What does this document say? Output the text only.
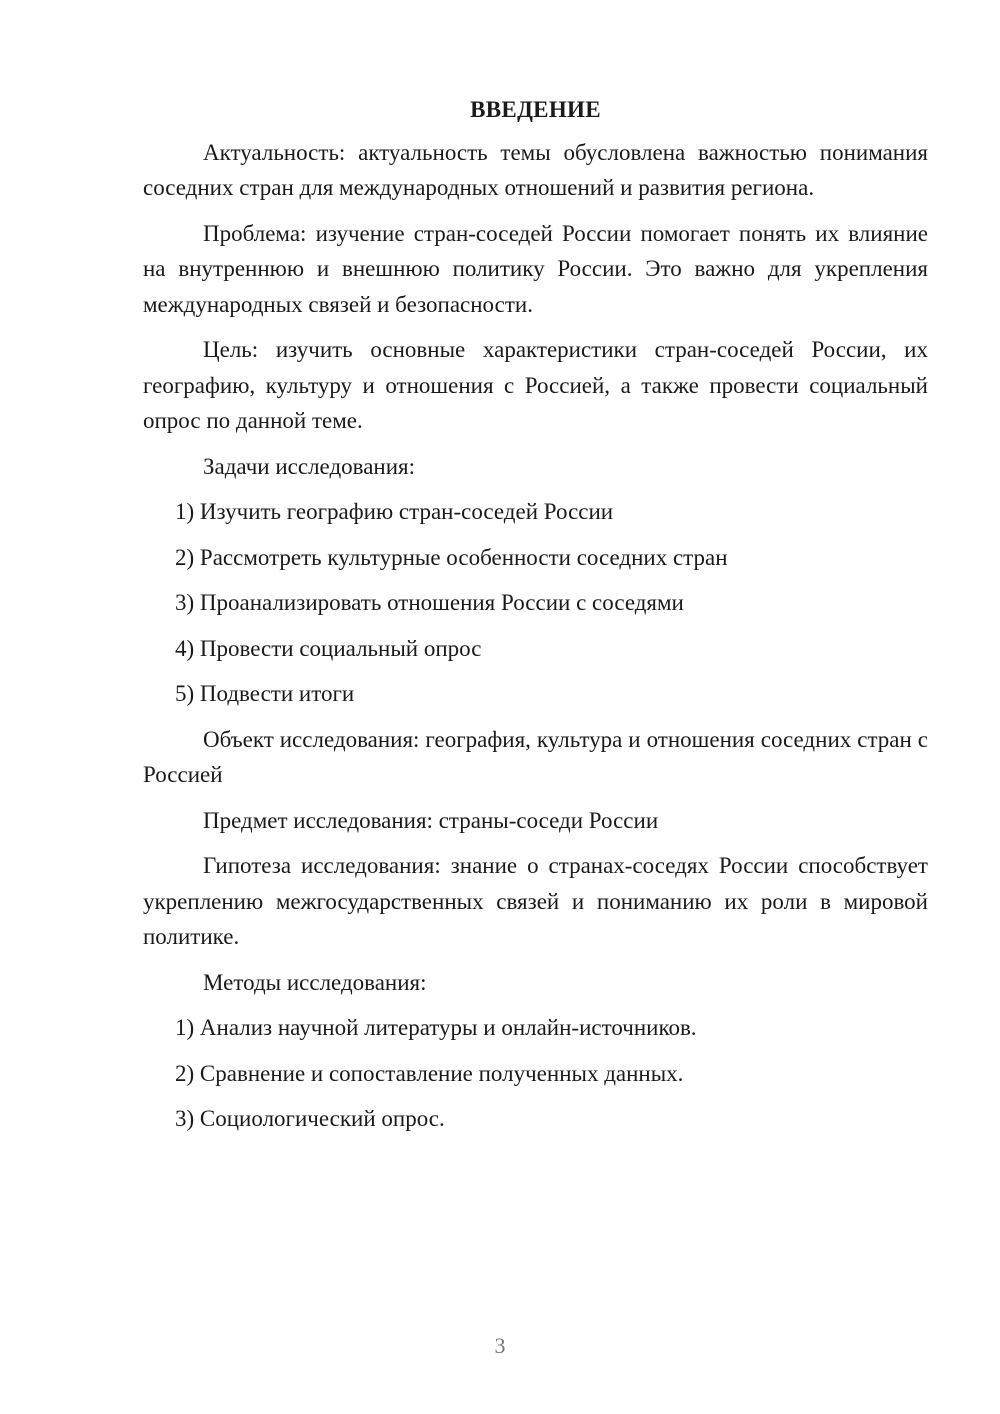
ВВЕДЕНИЕ

Актуальность: актуальность темы обусловлена важностью понимания соседних стран для международных отношений и развития региона.

Проблема: изучение стран-соседей России помогает понять их влияние на внутреннюю и внешнюю политику России. Это важно для укрепления международных связей и безопасности.

Цель: изучить основные характеристики стран-соседей России, их географию, культуру и отношения с Россией, а также провести социальный опрос по данной теме.

Задачи исследования:

1) Изучить географию стран-соседей России
2) Рассмотреть культурные особенности соседних стран
3) Проанализировать отношения России с соседями
4) Провести социальный опрос
5) Подвести итоги

Объект исследования: география, культура и отношения соседних стран с Россией

Предмет исследования: страны-соседи России

Гипотеза исследования: знание о странах-соседях России способствует укреплению межгосударственных связей и пониманию их роли в мировой политике.

Методы исследования:

1) Анализ научной литературы и онлайн-источников.
2) Сравнение и сопоставление полученных данных.
3) Социологический опрос.
3
